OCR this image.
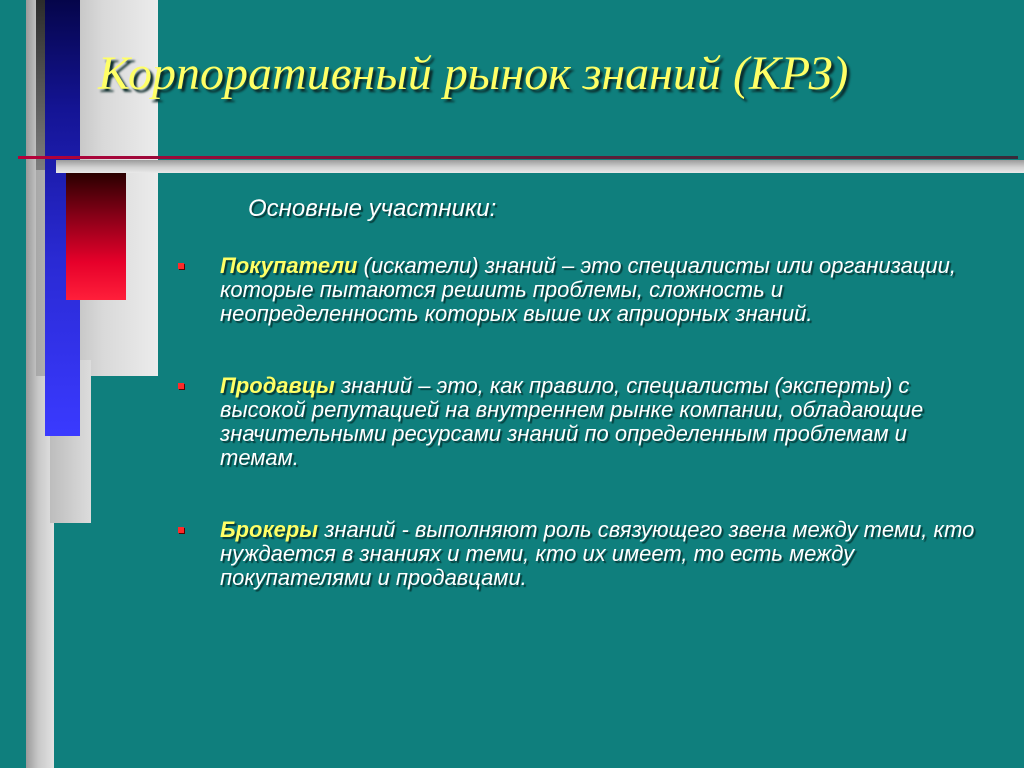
Корпоративный рынок знаний (КРЗ)
Основные участники:
Покупатели (искатели) знаний – это специалисты или организации, которые пытаются решить проблемы, сложность и неопределенность которых выше их априорных знаний.
Продавцы знаний – это, как правило, специалисты (эксперты) с высокой репутацией на внутреннем рынке компании, обладающие значительными ресурсами знаний по определенным проблемам и темам.
Брокеры знаний - выполняют роль связующего звена между теми, кто нуждается в знаниях и теми, кто их имеет, то есть между покупателями и продавцами.
